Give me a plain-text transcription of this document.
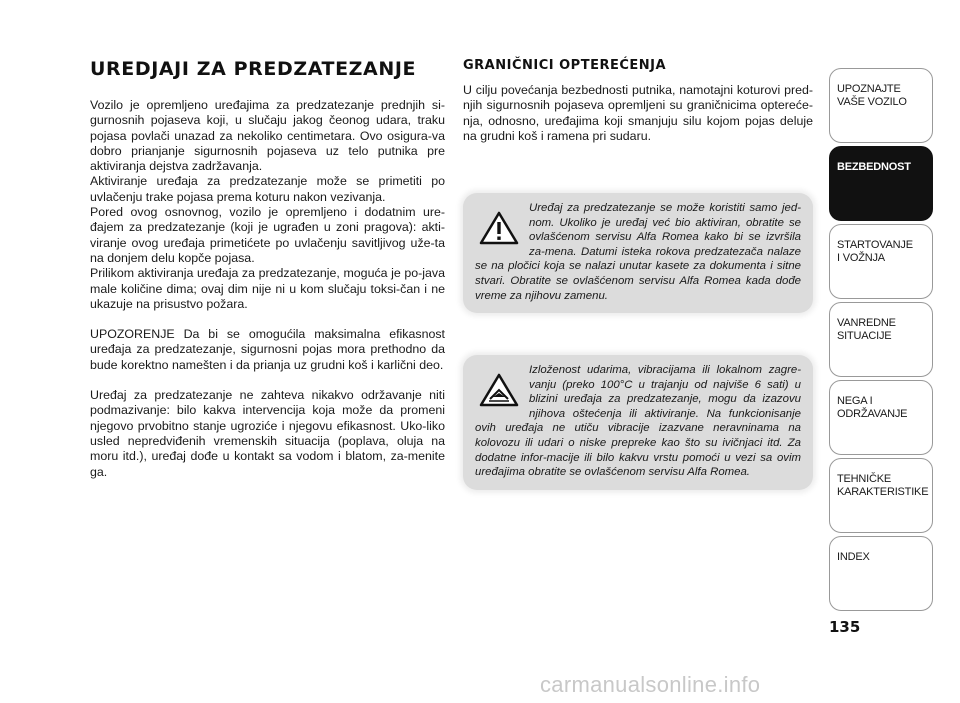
UREDJAJI ZA PREDZATEZANJE

Vozilo je opremljeno uređajima za predzatezanje prednjih si-gurnosnih pojaseva koji, u slučaju jakog čeonog udara, traku pojasa povlači unazad za nekoliko centimetara. Ovo osigura-va dobro prianjanje sigurnosnih pojaseva uz telo putnika pre aktiviranja dejstva zadržavanja.

Aktiviranje uređaja za predzatezanje može se primetiti po uvlačenju trake pojasa prema koturu nakon vezivanja.

Pored ovog osnovnog, vozilo je opremljeno i dodatnim ure-đajem za predzatezanje (koji je ugrađen u zoni pragova): akti-viranje ovog uređaja primetićete po uvlačenju savitljivog uže-ta na donjem delu kopče pojasa.

Prilikom aktiviranja uređaja za predzatezanje, moguća je po-java male količine dima; ovaj dim nije ni u kom slučaju toksi-čan i ne ukazuje na prisustvo požara.

UPOZORENJE Da bi se omogućila maksimalna efikasnost uređaja za predzatezanje, sigurnosni pojas mora prethodno da bude korektno namešten i da prianja uz grudni koš i karlični deo.

Uređaj za predzatezanje ne zahteva nikakvo održavanje niti podmazivanje: bilo kakva intervencija koja može da promeni njegovo prvobitno stanje ugroziće i njegovu efikasnost. Uko-liko usled nepredviđenih vremenskih situacija (poplava, oluja na moru itd.), uređaj dođe u kontakt sa vodom i blatom, za-menite ga.

GRANIČNICI OPTEREĆENJA

U cilju povećanja bezbednosti putnika, namotajni koturovi pred-njih sigurnosnih pojaseva opremljeni su graničnicima optereće-nja, odnosno, uređajima koji smanjuju silu kojom pojas deluje na grudni koš i ramena pri sudaru.

Uređaj za predzatezanje se može koristiti samo jed-nom. Ukoliko je uređaj već bio aktiviran, obratite se ovlašćenom servisu Alfa Romea kako bi se izvršila za-mena. Datumi isteka rokova predzatezača nalaze se na pločici koja se nalazi unutar kasete za dokumenta i sitne stvari. Obratite se ovlašćenom servisu Alfa Romea kada dođe vreme za njihovu zamenu.

Izloženost udarima, vibracijama ili lokalnom zagre-vanju (preko 100°C u trajanju od najviše 6 sati) u blizini uređaja za predzatezanje, mogu da izazovu njihova oštećenja ili aktiviranje. Na funkcionisanje ovih uređaja ne utiču vibracije izazvane neravninama na kolovozu ili udari o niske prepreke kao što su ivičnjaci itd. Za dodatne infor-macije ili bilo kakvu vrstu pomoći u vezi sa ovim uređajima obratite se ovlašćenom servisu Alfa Romea.

UPOZNAJTE
VAŠE VOZILO
BEZBEDNOST
STARTOVANJE
I VOŽNJA
VANREDNE
SITUACIJE
NEGA I
ODRŽAVANJE
TEHNIČKE
KARAKTERISTIKE
INDEX
135
carmanualsonline.info
